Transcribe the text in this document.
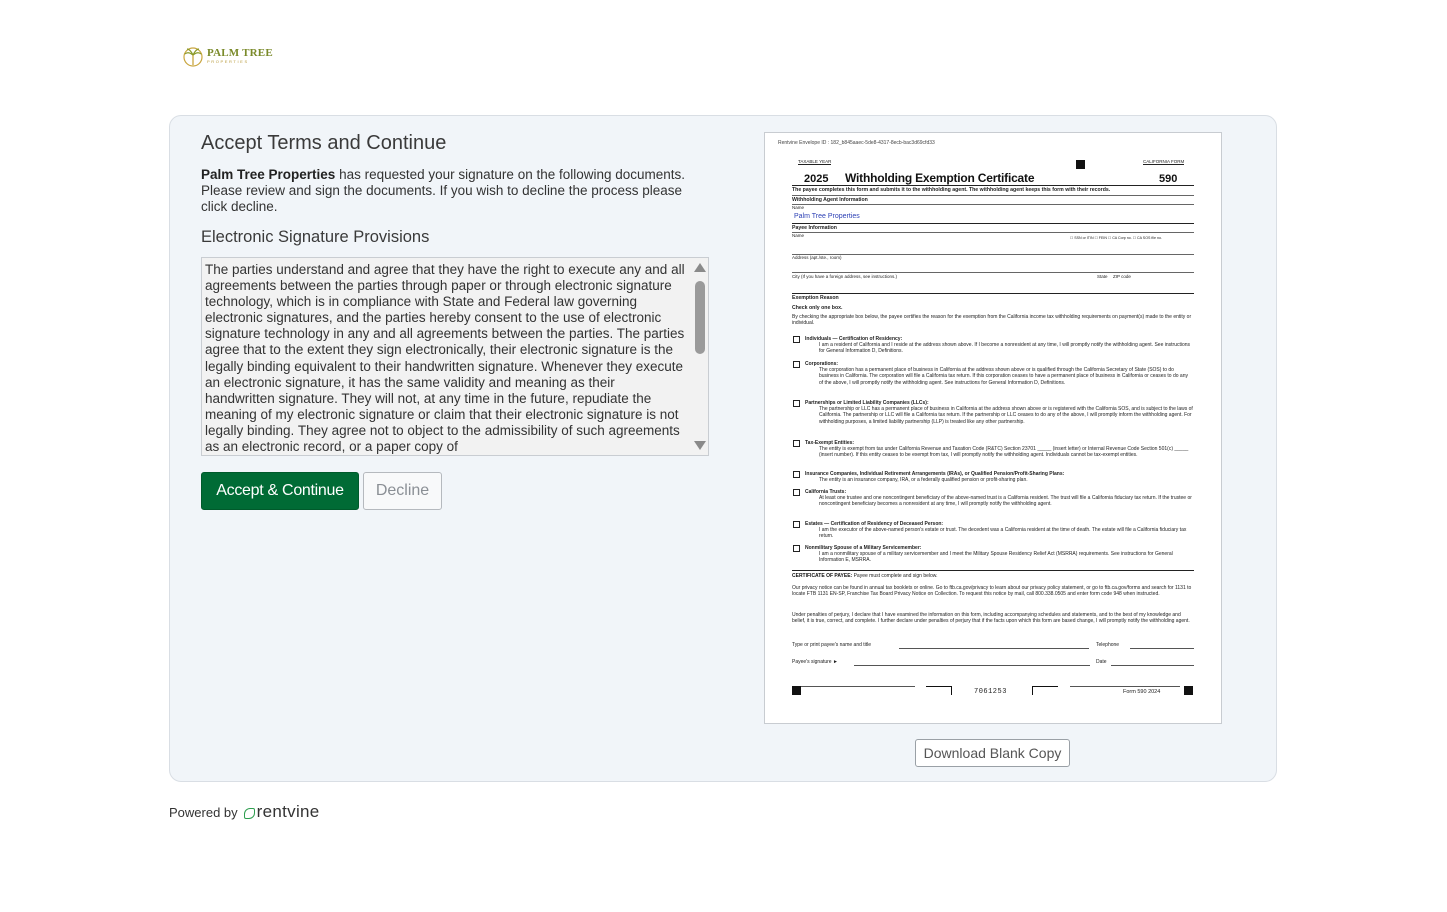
PALM TREE
PROPERTIES
Accept Terms and Continue
Palm Tree Properties has requested your signature on the following documents. Please review and sign the documents. If you wish to decline the process please click decline.
Electronic Signature Provisions
The parties understand and agree that they have the right to execute any and all agreements between the parties through paper or through electronic signature technology, which is in compliance with State and Federal law governing electronic signatures, and the parties hereby consent to the use of electronic signature technology in any and all agreements between the parties. The parties agree that to the extent they sign electronically, their electronic signature is the legally binding equivalent to their handwritten signature. Whenever they execute an electronic signature, it has the same validity and meaning as their handwritten signature. They will not, at any time in the future, repudiate the meaning of my electronic signature or claim that their electronic signature is not legally binding. They agree not to object to the admissibility of such agreements as an electronic record, or a paper copy of
Accept & Continue	Decline
Rentvine Envelope ID : 182_b845aaec-5de8-4317-8ecb-bac3d69cfd33
TAXABLE YEAR
2025 Withholding Exemption Certificate
CALIFORNIA FORM
590
The payee completes this form and submits it to the withholding agent. The withholding agent keeps this form with their records.
Withholding Agent Information
Name
Palm Tree Properties
Payee Information
Name	☐ SSN or ITIN ☐ FEIN ☐ CA Corp no. ☐ CA SOS file no.
Address (apt./ste., room)
City (If you have a foreign address, see instructions.)	State	ZIP code
Exemption Reason
Check only one box.
By checking the appropriate box below, the payee certifies the reason for the exemption from the California income tax withholding requirements on payment(s) made to the entity or individual.
Individuals — Certification of Residency:
I am a resident of California and I reside at the address shown above. If I become a nonresident at any time, I will promptly notify the withholding agent. See instructions for General Information D, Definitions.
Corporations:
The corporation has a permanent place of business in California at the address shown above or is qualified through the California Secretary of State (SOS) to do business in California. The corporation will file a California tax return. If this corporation ceases to have a permanent place of business in California or ceases to do any of the above, I will promptly notify the withholding agent. See instructions for General Information D, Definitions.
Partnerships or Limited Liability Companies (LLCs):
The partnership or LLC has a permanent place of business in California at the address shown above or is registered with the California SOS, and is subject to the laws of California. The partnership or LLC will file a California tax return. If the partnership or LLC ceases to do any of the above, I will promptly inform the withholding agent. For withholding purposes, a limited liability partnership (LLP) is treated like any other partnership.
Tax-Exempt Entities:
The entity is exempt from tax under California Revenue and Taxation Code (R&TC) Section 23701 _____ (insert letter) or Internal Revenue Code Section 501(c) _____ (insert number). If this entity ceases to be exempt from tax, I will promptly notify the withholding agent. Individuals cannot be tax-exempt entities.
Insurance Companies, Individual Retirement Arrangements (IRAs), or Qualified Pension/Profit-Sharing Plans:
The entity is an insurance company, IRA, or a federally qualified pension or profit-sharing plan.
California Trusts:
At least one trustee and one noncontingent beneficiary of the above-named trust is a California resident. The trust will file a California fiduciary tax return. If the trustee or noncontingent beneficiary becomes a nonresident at any time, I will promptly notify the withholding agent.
Estates — Certification of Residency of Deceased Person:
I am the executor of the above-named person's estate or trust. The decedent was a California resident at the time of death. The estate will file a California fiduciary tax return.
Nonmilitary Spouse of a Military Servicemember:
I am a nonmilitary spouse of a military servicemember and I meet the Military Spouse Residency Relief Act (MSRRA) requirements. See instructions for General Information E, MSRRA.
CERTIFICATE OF PAYEE: Payee must complete and sign below.
Our privacy notice can be found in annual tax booklets or online. Go to ftb.ca.gov/privacy to learn about our privacy policy statement, or go to ftb.ca.gov/forms and search for 1131 to locate FTB 1131 EN-SP, Franchise Tax Board Privacy Notice on Collection. To request this notice by mail, call 800.338.0505 and enter form code 948 when instructed.
Under penalties of perjury, I declare that I have examined the information on this form, including accompanying schedules and statements, and to the best of my knowledge and belief, it is true, correct, and complete. I further declare under penalties of perjury that if the facts upon which this form are based change, I will promptly notify the withholding agent.
Type or print payee's name and title	Telephone
Payee's signature ►	Date
7061253	Form 590 2024
Download Blank Copy
Powered by rentvine
